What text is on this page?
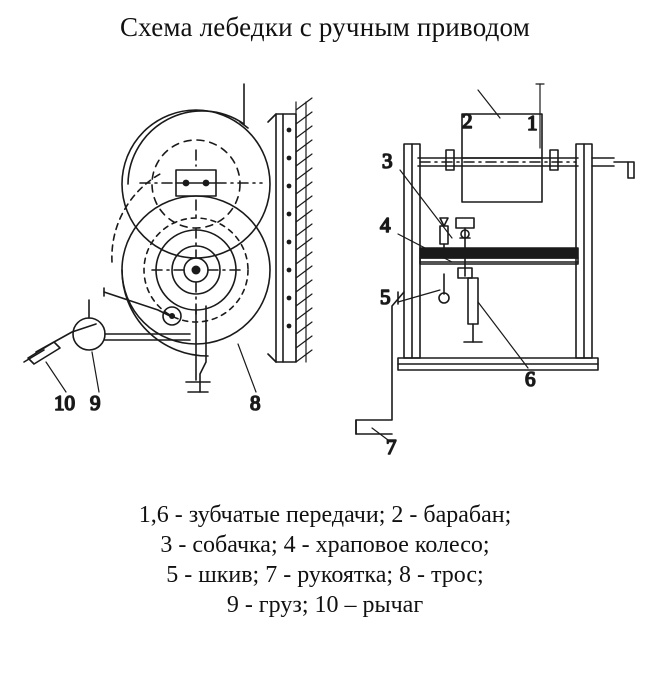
Схема лебедки с ручным приводом
10 9	8
1
2
3
4
5
6
7
1,6 - зубчатые передачи; 2 - барабан;
3 - собачка; 4 - храповое колесо;
5 - шкив; 7 - рукоятка; 8 - трос;
9 - груз; 10 – рычаг
